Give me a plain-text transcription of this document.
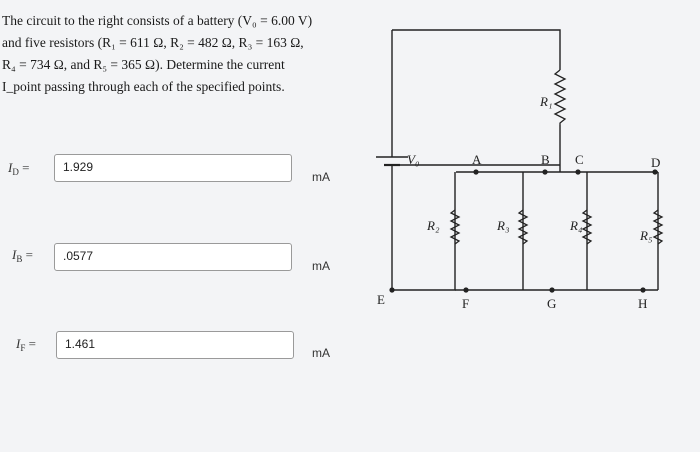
The circuit to the right consists of a battery (V₀ = 6.00 V)
and five resistors (R₁ = 611 Ω, R₂ = 482 Ω, R₃ = 163 Ω,
R₄ = 734 Ω, and R₅ = 365 Ω). Determine the current
I_point passing through each of the specified points.
$I_D$ =	1.929
mA
$I_B$ =	.0577
mA
$I_F$ =	1.461
mA
V₀
R₁
R₂	R₃	R₄
R₅
A	B C	D
E	F	G	H
